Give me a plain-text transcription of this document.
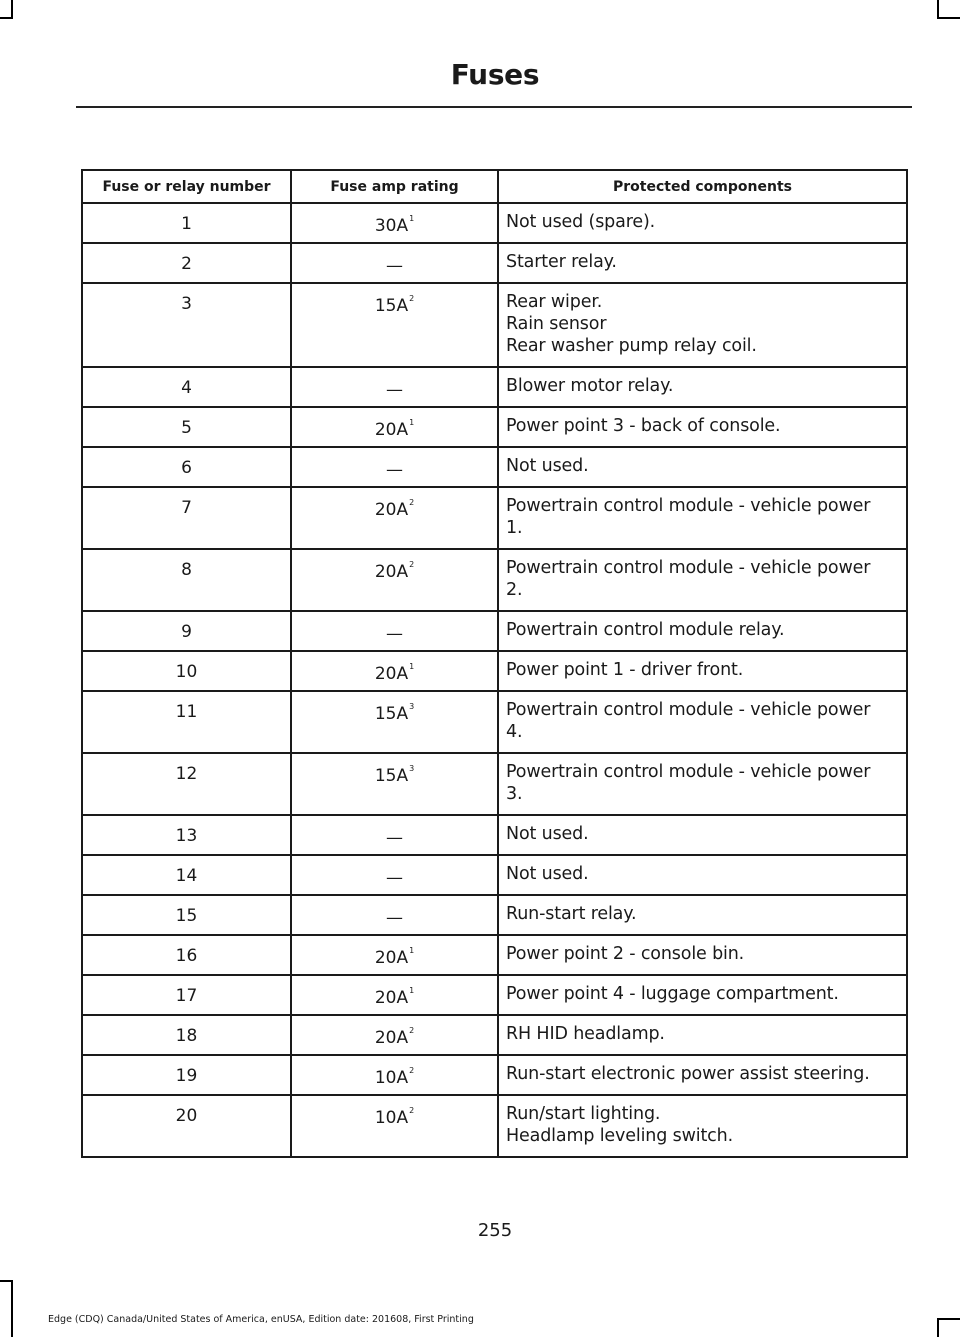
Fuses
Fuse or relay number	Fuse amp rating	Protected components
1	$30A^1$	Not used (spare).

2	—	Starter relay.

3	$15A^2$	Rear wiper.
Rain sensor
Rear washer pump relay coil.

4	—	Blower motor relay.

5	$20A^1$	Power point 3 - back of console.

6	—	Not used.

7	$20A^2$	Powertrain control module - vehicle power
1.

8	$20A^2$	Powertrain control module - vehicle power
2.

9	—	Powertrain control module relay.

10	$20A^1$	Power point 1 - driver front.

11	$15A^3$	Powertrain control module - vehicle power
4.

12	$15A^3$	Powertrain control module - vehicle power
3.

13	—	Not used.

14	—	Not used.

15	—	Run-start relay.

16	$20A^1$	Power point 2 - console bin.

17	$20A^1$	Power point 4 - luggage compartment.

18	$20A^2$	RH HID headlamp.

19	$10A^2$	Run-start electronic power assist steering.

20	$10A^2$	Run/start lighting.
Headlamp leveling switch.
255
Edge (CDQ) Canada/United States of America, enUSA, Edition date: 201608, First Printing
